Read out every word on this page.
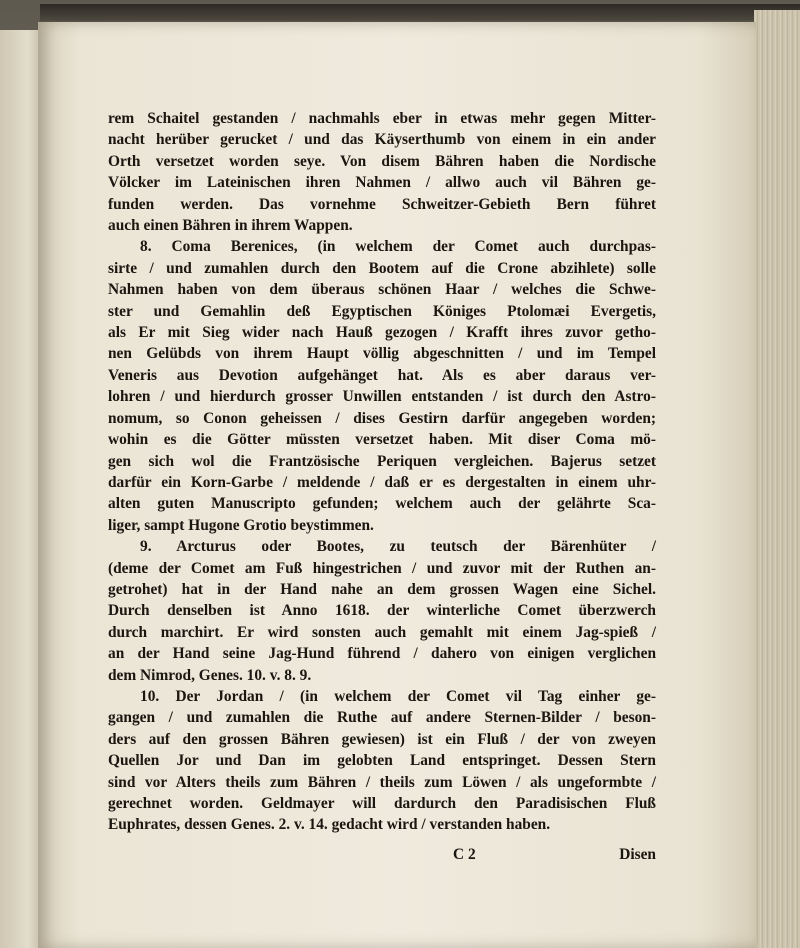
rem Schaitel gestanden / nachmahls eber in etwas mehr gegen Mitter-
nacht herüber gerucket / und das Käyserthumb von einem in ein ander
Orth versetzet worden seye. Von disem Bähren haben die Nordische
Völcker im Lateinischen ihren Nahmen / allwo auch vil Bähren ge-
funden werden. Das vornehme Schweitzer-Gebieth Bern führet
auch einen Bähren in ihrem Wappen.
8. Coma Berenices, (in welchem der Comet auch durchpas-
sirte / und zumahlen durch den Bootem auf die Crone abzihlete) solle
Nahmen haben von dem überaus schönen Haar / welches die Schwe-
ster und Gemahlin deß Egyptischen Königes Ptolomæi Evergetis,
als Er mit Sieg wider nach Hauß gezogen / Krafft ihres zuvor getho-
nen Gelübds von ihrem Haupt völlig abgeschnitten / und im Tempel
Veneris aus Devotion aufgehänget hat. Als es aber daraus ver-
lohren / und hierdurch grosser Unwillen entstanden / ist durch den Astro-
nomum, so Conon geheissen / dises Gestirn darfür angegeben worden;
wohin es die Götter müssten versetzet haben. Mit diser Coma mö-
gen sich wol die Frantzösische Periquen vergleichen. Bajerus setzet
darfür ein Korn-Garbe / meldende / daß er es dergestalten in einem uhr-
alten guten Manuscripto gefunden; welchem auch der gelährte Sca-
liger, sampt Hugone Grotio beystimmen.
9. Arcturus oder Bootes, zu teutsch der Bärenhüter /
(deme der Comet am Fuß hingestrichen / und zuvor mit der Ruthen an-
getrohet) hat in der Hand nahe an dem grossen Wagen eine Sichel.
Durch denselben ist Anno 1618. der winterliche Comet überzwerch
durch marchirt. Er wird sonsten auch gemahlt mit einem Jag-spieß /
an der Hand seine Jag-Hund führend / dahero von einigen verglichen
dem Nimrod, Genes. 10. v. 8. 9.
10. Der Jordan / (in welchem der Comet vil Tag einher ge-
gangen / und zumahlen die Ruthe auf andere Sternen-Bilder / beson-
ders auf den grossen Bähren gewiesen) ist ein Fluß / der von zweyen
Quellen Jor und Dan im gelobten Land entspringet. Dessen Stern
sind vor Alters theils zum Bähren / theils zum Löwen / als ungeformbte /
gerechnet worden. Geldmayer will dardurch den Paradisischen Fluß
Euphrates, dessen Genes. 2. v. 14. gedacht wird / verstanden haben.
C 2	Disen
